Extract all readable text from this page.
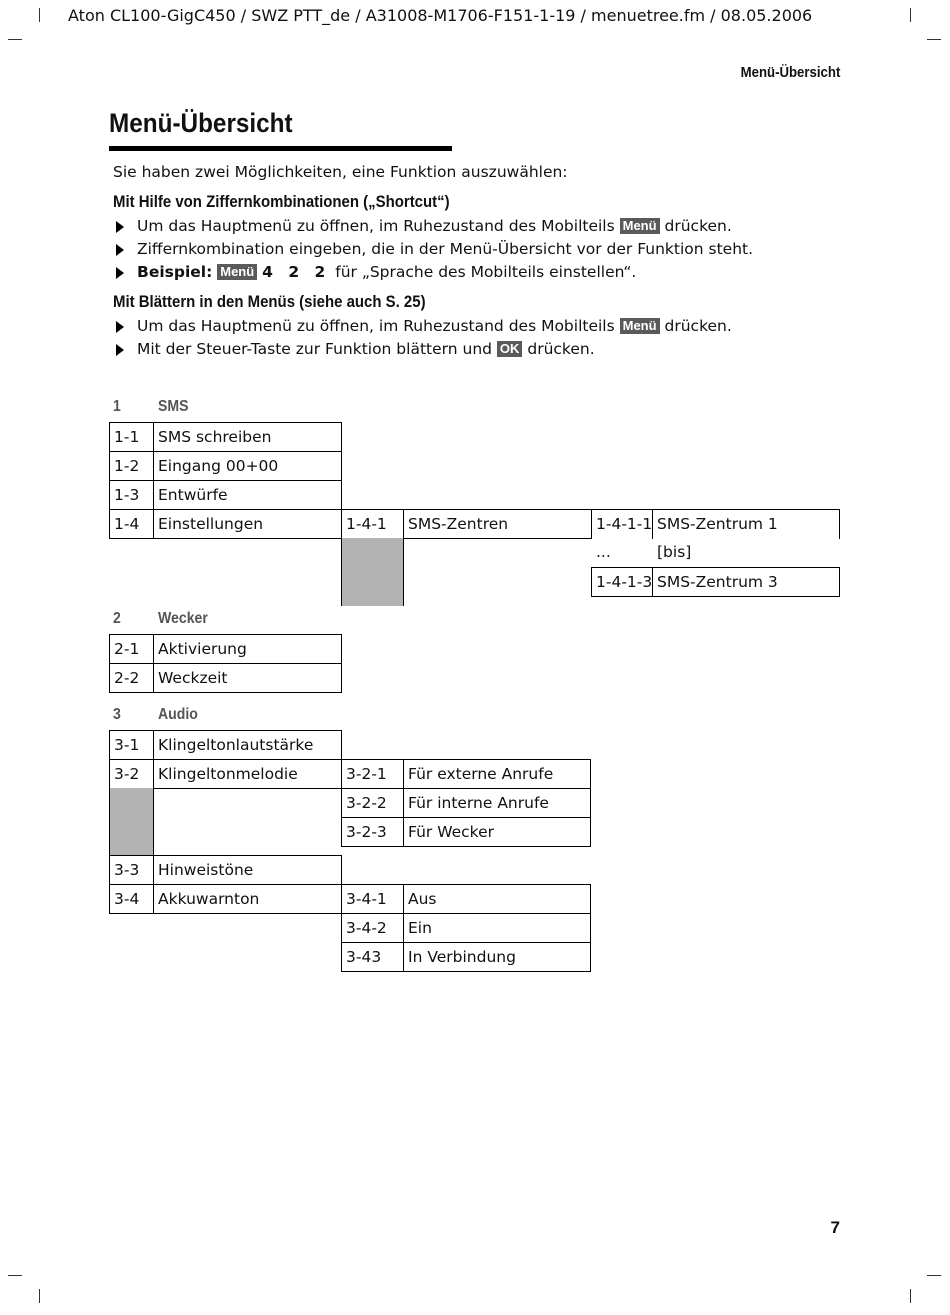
Aton CL100-GigC450 / SWZ PTT_de / A31008-M1706-F151-1-19 / menuetree.fm / 08.05.2006
Menü-Übersicht
Menü-Übersicht
Sie haben zwei Möglichkeiten, eine Funktion auszuwählen:
Mit Hilfe von Ziffernkombinationen („Shortcut“)
Um das Hauptmenü zu öffnen, im Ruhezustand des Mobilteils Menü drücken.
Ziffernkombination eingeben, die in der Menü-Übersicht vor der Funktion steht.
Beispiel: Menü 4 2 2 für „Sprache des Mobilteils einstellen“.
Mit Blättern in den Menüs (siehe auch S. 25)
Um das Hauptmenü zu öffnen, im Ruhezustand des Mobilteils Menü drücken.
Mit der Steuer-Taste zur Funktion blättern und OK drücken.
1 SMS
1-1	SMS schreiben
1-2	Eingang 00+00
1-3	Entwürfe
1-4	Einstellungen	1-4-1	SMS-Zentren	1-4-1-1 SMS-Zentrum 1
...	[bis]
1-4-1-3 SMS-Zentrum 3
2 Wecker
2-1	Aktivierung
2-2	Weckzeit
3 Audio
3-1	Klingeltonlautstärke
3-2	Klingeltonmelodie	3-2-1	Für externe Anrufe
3-2-2	Für interne Anrufe
3-2-3	Für Wecker
3-3	Hinweistöne
3-4	Akkuwarnton	3-4-1	Aus
3-4-2	Ein
3-43	In Verbindung
7
